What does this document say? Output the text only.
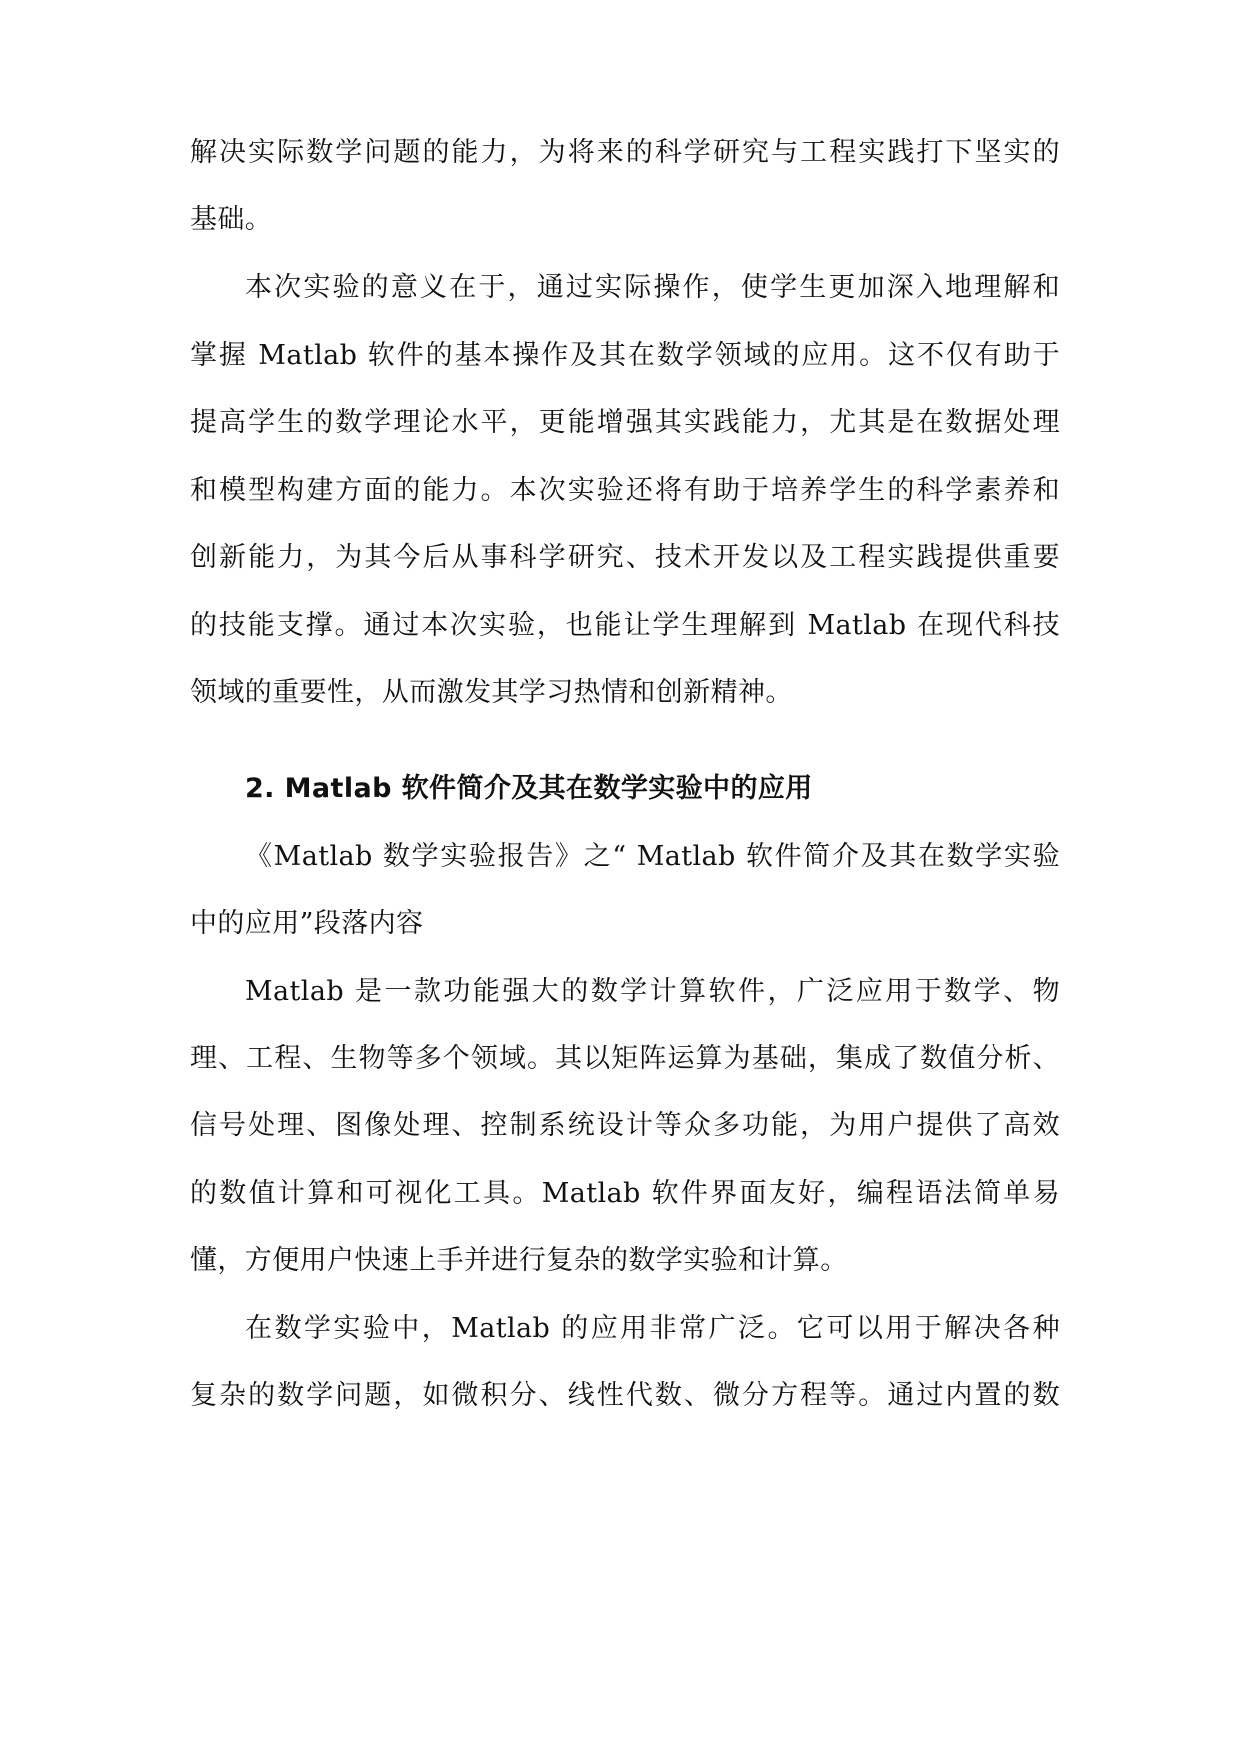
解决实际数学问题的能力，为将来的科学研究与工程实践打下坚实的
基础。
本次实验的意义在于，通过实际操作，使学生更加深入地理解和
掌握 Matlab 软件的基本操作及其在数学领域的应用。这不仅有助于
提高学生的数学理论水平，更能增强其实践能力，尤其是在数据处理
和模型构建方面的能力。本次实验还将有助于培养学生的科学素养和
创新能力，为其今后从事科学研究、技术开发以及工程实践提供重要
的技能支撑。通过本次实验，也能让学生理解到 Matlab 在现代科技
领域的重要性，从而激发其学习热情和创新精神。
2. Matlab 软件简介及其在数学实验中的应用
《Matlab 数学实验报告》之“ Matlab 软件简介及其在数学实验
中的应用”段落内容
Matlab 是一款功能强大的数学计算软件，广泛应用于数学、物
理、工程、生物等多个领域。其以矩阵运算为基础，集成了数值分析、
信号处理、图像处理、控制系统设计等众多功能，为用户提供了高效
的数值计算和可视化工具。Matlab 软件界面友好，编程语法简单易
懂，方便用户快速上手并进行复杂的数学实验和计算。
在数学实验中，Matlab 的应用非常广泛。它可以用于解决各种
复杂的数学问题，如微积分、线性代数、微分方程等。通过内置的数
